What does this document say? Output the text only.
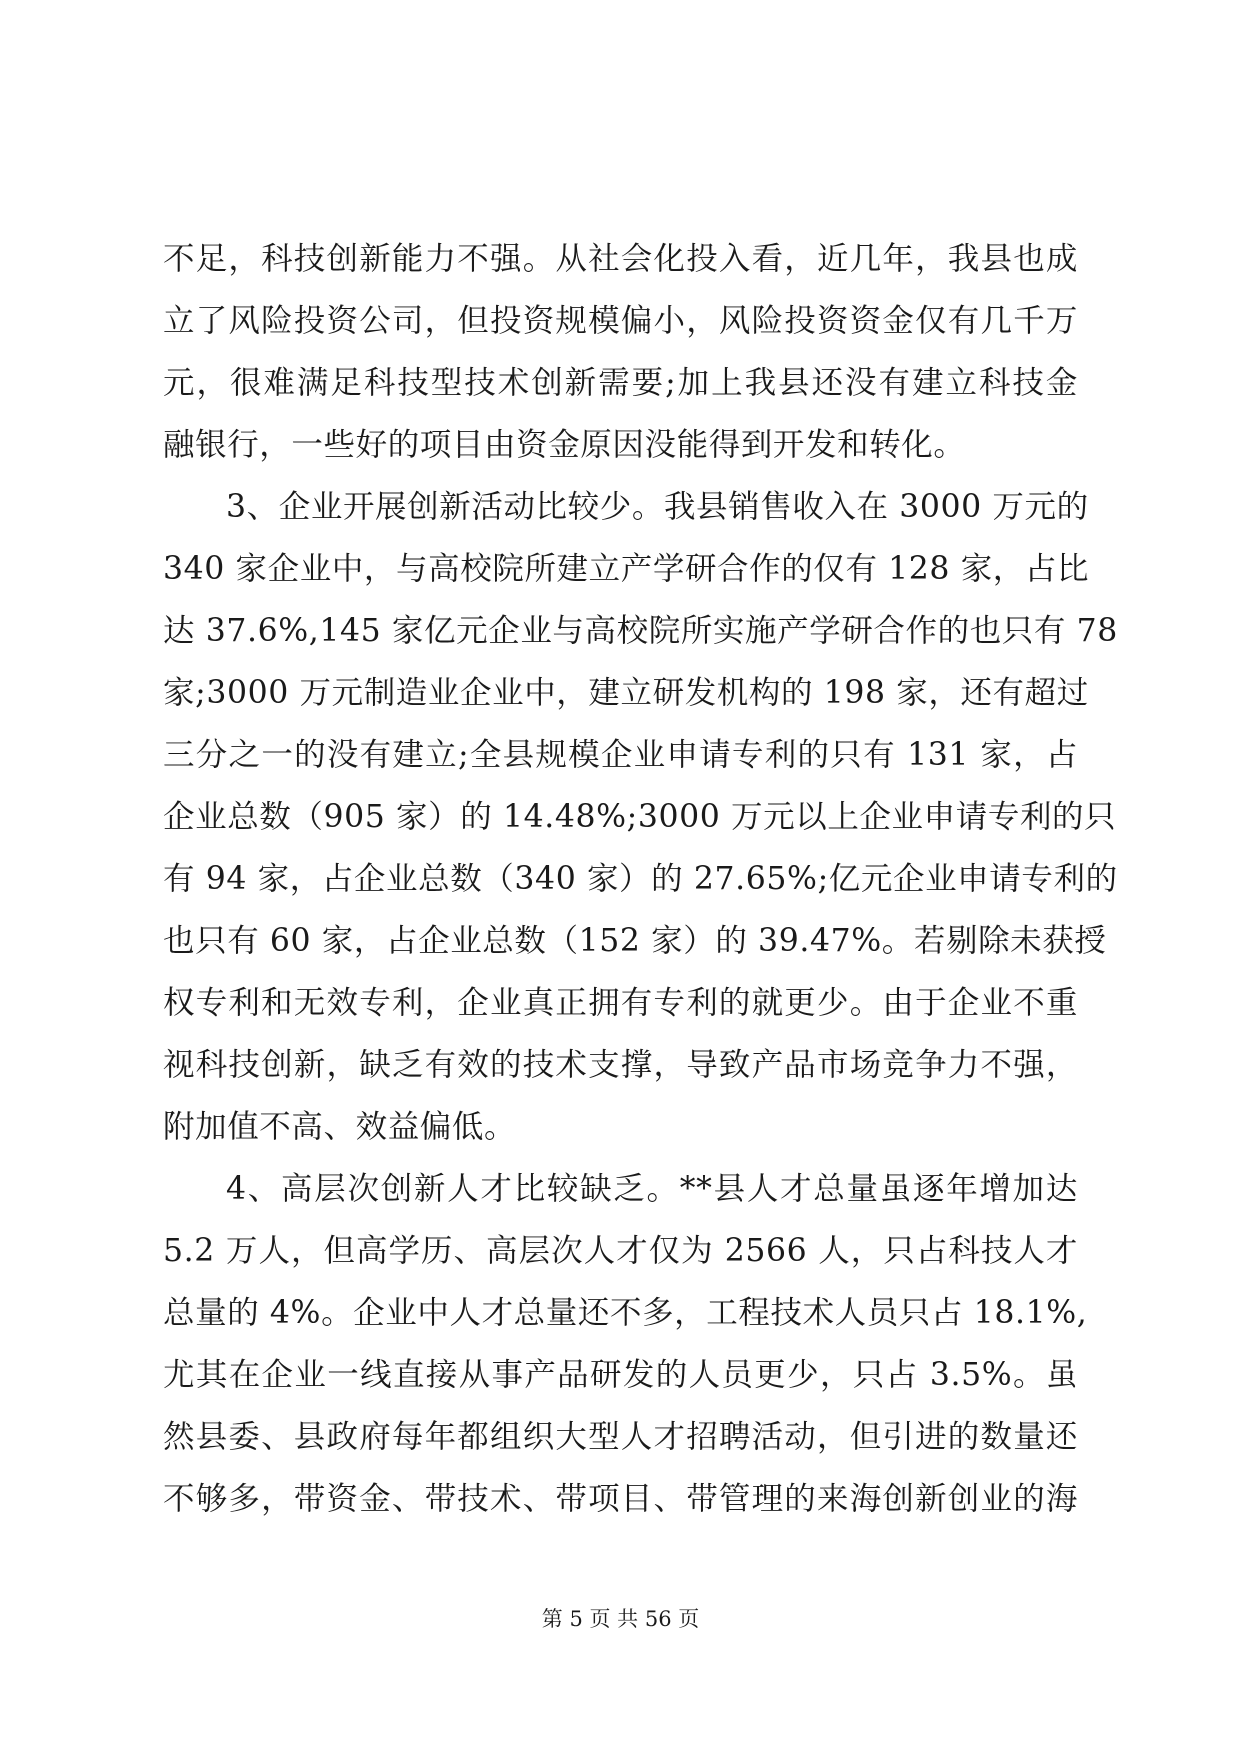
不足，科技创新能力不强。从社会化投入看，近几年，我县也成
立了风险投资公司，但投资规模偏小，风险投资资金仅有几千万
元，很难满足科技型技术创新需要;加上我县还没有建立科技金
融银行，一些好的项目由资金原因没能得到开发和转化。
3、企业开展创新活动比较少。我县销售收入在 3000 万元的
340 家企业中，与高校院所建立产学研合作的仅有 128 家，占比
达 37.6%,145 家亿元企业与高校院所实施产学研合作的也只有 78
家;3000 万元制造业企业中，建立研发机构的 198 家，还有超过
三分之一的没有建立;全县规模企业申请专利的只有 131 家，占
企业总数（905 家）的 14.48%;3000 万元以上企业申请专利的只
有 94 家，占企业总数（340 家）的 27.65%;亿元企业申请专利的
也只有 60 家，占企业总数（152 家）的 39.47%。若剔除未获授
权专利和无效专利，企业真正拥有专利的就更少。由于企业不重
视科技创新，缺乏有效的技术支撑，导致产品市场竞争力不强，
附加值不高、效益偏低。
4、高层次创新人才比较缺乏。**县人才总量虽逐年增加达
5.2 万人，但高学历、高层次人才仅为 2566 人，只占科技人才
总量的 4%。企业中人才总量还不多，工程技术人员只占 18.1%,
尤其在企业一线直接从事产品研发的人员更少，只占 3.5%。虽
然县委、县政府每年都组织大型人才招聘活动，但引进的数量还
不够多，带资金、带技术、带项目、带管理的来海创新创业的海
第 5 页 共 56 页
